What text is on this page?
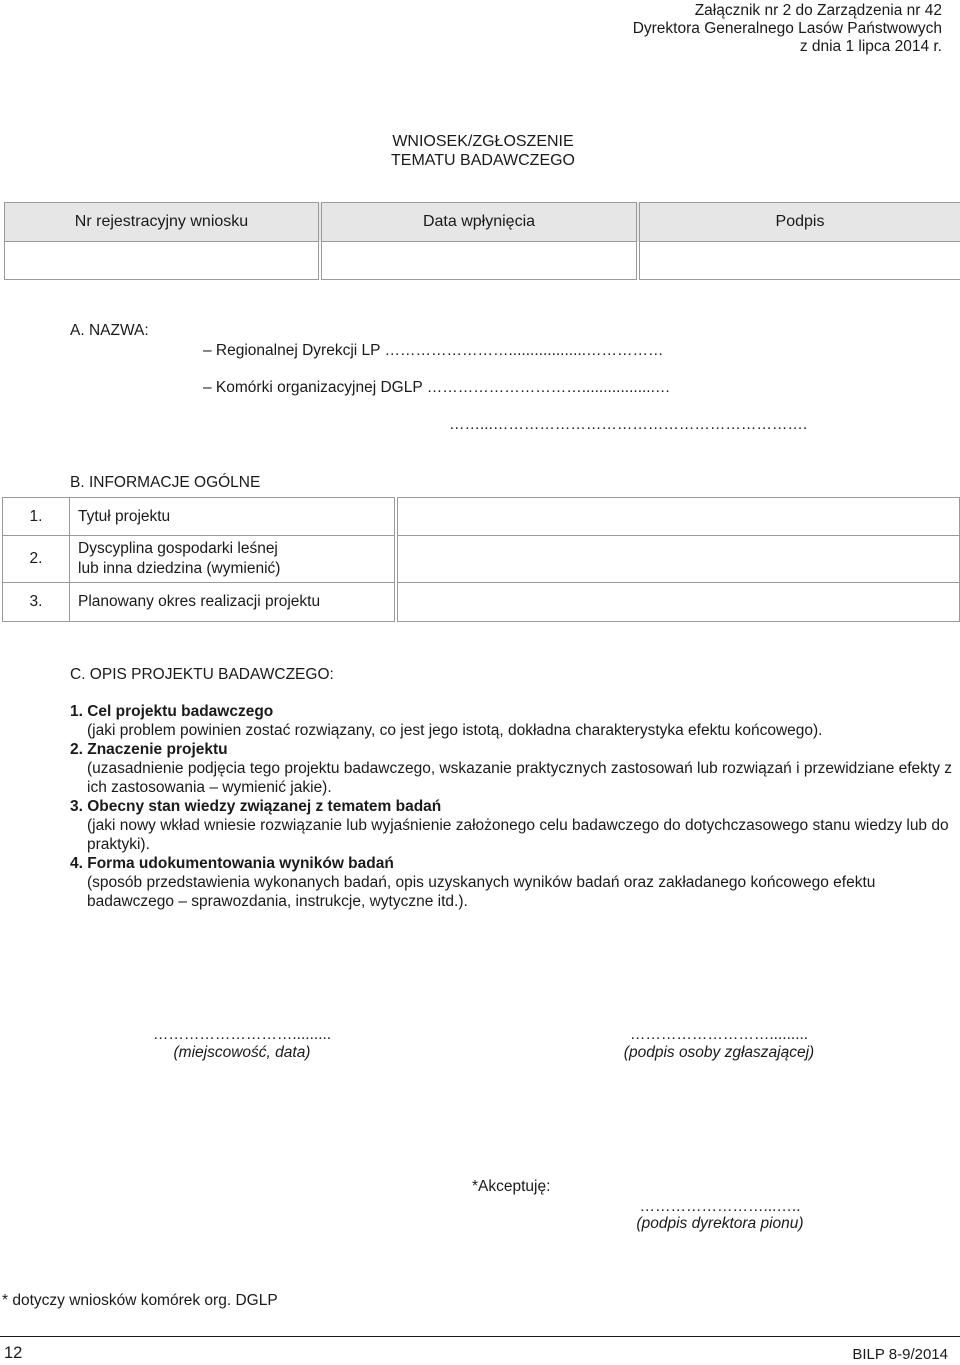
Załącznik nr 2 do Zarządzenia nr 42
Dyrektora Generalnego Lasów Państwowych
z dnia 1 lipca 2014 r.
WNIOSEK/ZGŁOSZENIE
TEMATU BADAWCZEGO
Nr rejestracyjny wniosku		Data wpłynięcia		Podpis

A. NAZWA:
– Regionalnej Dyrekcji LP ……………………..................……………
– Komórki organizacyjnej DGLP ………………………….................…
……...…………………………………………………….
B. INFORMACJE OGÓLNE
1.	Tytuł projektu		
2.	Dyscyplina gospodarki leśnej
lub inna dziedzina (wymienić)		

3.	Planowany okres realizacji projektu		
C. OPIS PROJEKTU BADAWCZEGO:
1. Cel projektu badawczego
(jaki problem powinien zostać rozwiązany, co jest jego istotą, dokładna charakterystyka efektu końcowego).
2. Znaczenie projektu
(uzasadnienie podjęcia tego projektu badawczego, wskazanie praktycznych zastosowań lub rozwiązań i przewidziane efekty z ich zastosowania – wymienić jakie).
3. Obecny stan wiedzy związanej z tematem badań
(jaki nowy wkład wniesie rozwiązanie lub wyjaśnienie założonego celu badawczego do dotychczasowego stanu wiedzy lub do praktyki).
4. Forma udokumentowania wyników badań
(sposób przedstawienia wykonanych badań, opis uzyskanych wyników badań oraz zakładanego końcowego efektu badawczego – sprawozdania, instrukcje, wytyczne itd.).
……………………….........
(miejscowość, data)
……………………….........
(podpis osoby zgłaszającej)
*Akceptuję:
……………………...…..
(podpis dyrektora pionu)
* dotyczy wniosków komórek org. DGLP
12	BILP 8-9/2014
